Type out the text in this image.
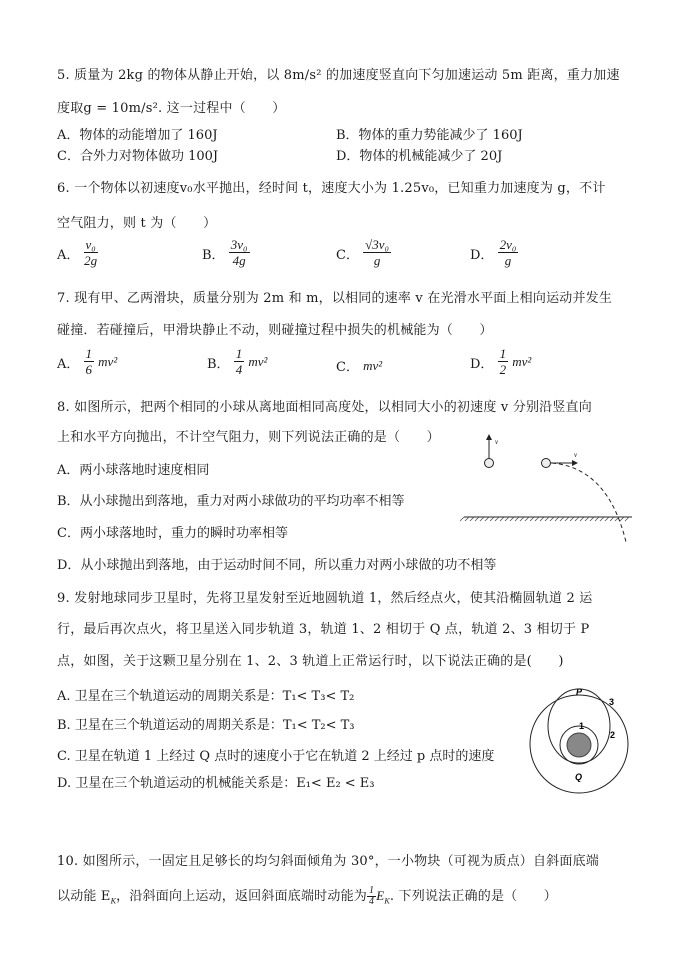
5. 质量为 2kg 的物体从静止开始，以 8m/s² 的加速度竖直向下匀加速运动 5m 距离，重力加速
度取g = 10m/s². 这一过程中（　　）
A．物体的动能增加了 160J	B．物体的重力势能减少了 160J
C．合外力对物体做功 100J	D．物体的机械能减少了 20J
6. 一个物体以初速度v₀水平抛出，经时间 t，速度大小为 1.25v₀，已知重力加速度为 g，不计
空气阻力，则 t 为（　　）
A． $\frac{\text{v₀}}{2g}$	B． $\frac{\text{3v₀}}{4g}$	C． $\frac{\text{√3v₀}}{g}$	D． $\frac{\text{2v₀}}{g}$
7. 现有甲、乙两滑块，质量分别为 2m 和 m，以相同的速率 v 在光滑水平面上相向运动并发生
碰撞．若碰撞后，甲滑块静止不动，则碰撞过程中损失的机械能为（　　）
A． $\frac{1}{6} mv^2$	B． $\frac{1}{4} mv^2$	C． mv²	D． $\frac{1}{2} mv^2$
8. 如图所示，把两个相同的小球从离地面相同高度处，以相同大小的初速度 v 分别沿竖直向
上和水平方向抛出，不计空气阻力，则下列说法正确的是（　　）
A．两小球落地时速度相同
B．从小球抛出到落地，重力对两小球做功的平均功率不相等
C．两小球落地时，重力的瞬时功率相等
D．从小球抛出到落地，由于运动时间不同，所以重力对两小球做的功不相等
v
v
9. 发射地球同步卫星时，先将卫星发射至近地圆轨道 1，然后经点火，使其沿椭圆轨道 2 运
行，最后再次点火，将卫星送入同步轨道 3，轨道 1、2 相切于 Q 点，轨道 2、3 相切于 P
点，如图，关于这颗卫星分别在 1、2、3 轨道上正常运行时，以下说法正确的是(　　)
A. 卫星在三个轨道运动的周期关系是：T₁< T₃< T₂
B. 卫星在三个轨道运动的周期关系是：T₁< T₂< T₃
C. 卫星在轨道 1 上经过 Q 点时的速度小于它在轨道 2 上经过 p 点时的速度
D. 卫星在三个轨道运动的机械能关系是：E₁< E₂ < E₃
P
Q
1
2
3
10. 如图所示，一固定且足够长的均匀斜面倾角为 30°，一小物块（可视为质点）自斜面底端
以动能 $E_K$，沿斜面向上运动，返回斜面底端时动能为 $\frac{1}{4} E_K$. 下列说法正确的是（　　）
